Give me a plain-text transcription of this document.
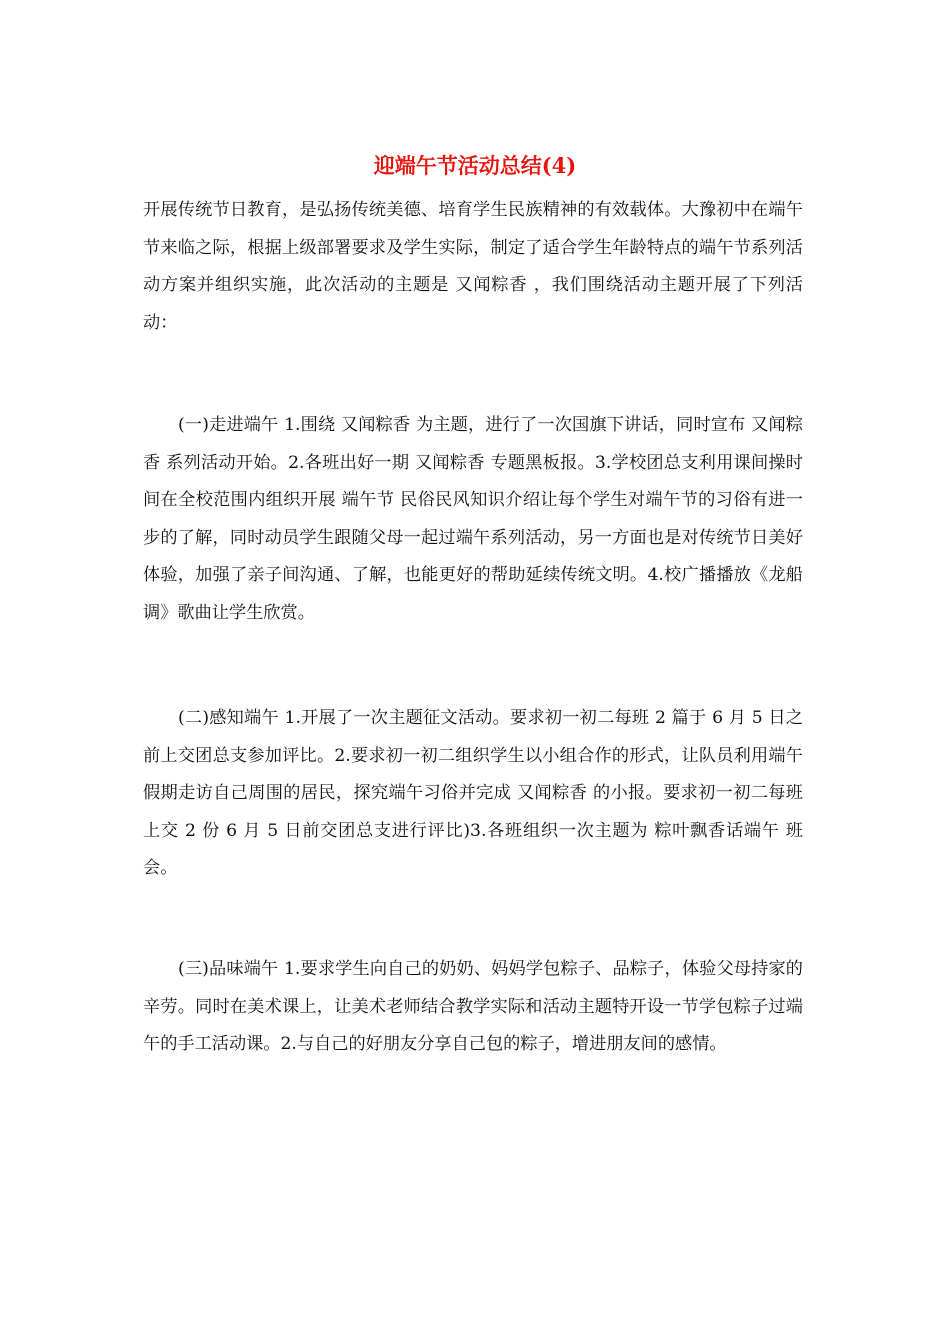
迎端午节活动总结(4)

开展传统节日教育，是弘扬传统美德、培育学生民族精神的有效载体。大豫初中在端午节来临之际，根据上级部署要求及学生实际，制定了适合学生年龄特点的端午节系列活动方案并组织实施，此次活动的主题是 又闻粽香 ，我们围绕活动主题开展了下列活动：

(一)走进端午 1.围绕 又闻粽香 为主题，进行了一次国旗下讲话，同时宣布 又闻粽香 系列活动开始。2.各班出好一期 又闻粽香 专题黑板报。3.学校团总支利用课间操时间在全校范围内组织开展 端午节 民俗民风知识介绍让每个学生对端午节的习俗有进一步的了解，同时动员学生跟随父母一起过端午系列活动，另一方面也是对传统节日美好体验，加强了亲子间沟通、了解，也能更好的帮助延续传统文明。4.校广播播放《龙船调》歌曲让学生欣赏。

(二)感知端午 1.开展了一次主题征文活动。要求初一初二每班 2 篇于 6 月 5 日之前上交团总支参加评比。2.要求初一初二组织学生以小组合作的形式，让队员利用端午假期走访自己周围的居民，探究端午习俗并完成 又闻粽香 的小报。要求初一初二每班上交 2 份 6 月 5 日前交团总支进行评比)3.各班组织一次主题为 粽叶飘香话端午 班会。

(三)品味端午 1.要求学生向自己的奶奶、妈妈学包粽子、品粽子，体验父母持家的辛劳。同时在美术课上，让美术老师结合教学实际和活动主题特开设一节学包粽子过端午的手工活动课。2.与自己的好朋友分享自己包的粽子，增进朋友间的感情。
